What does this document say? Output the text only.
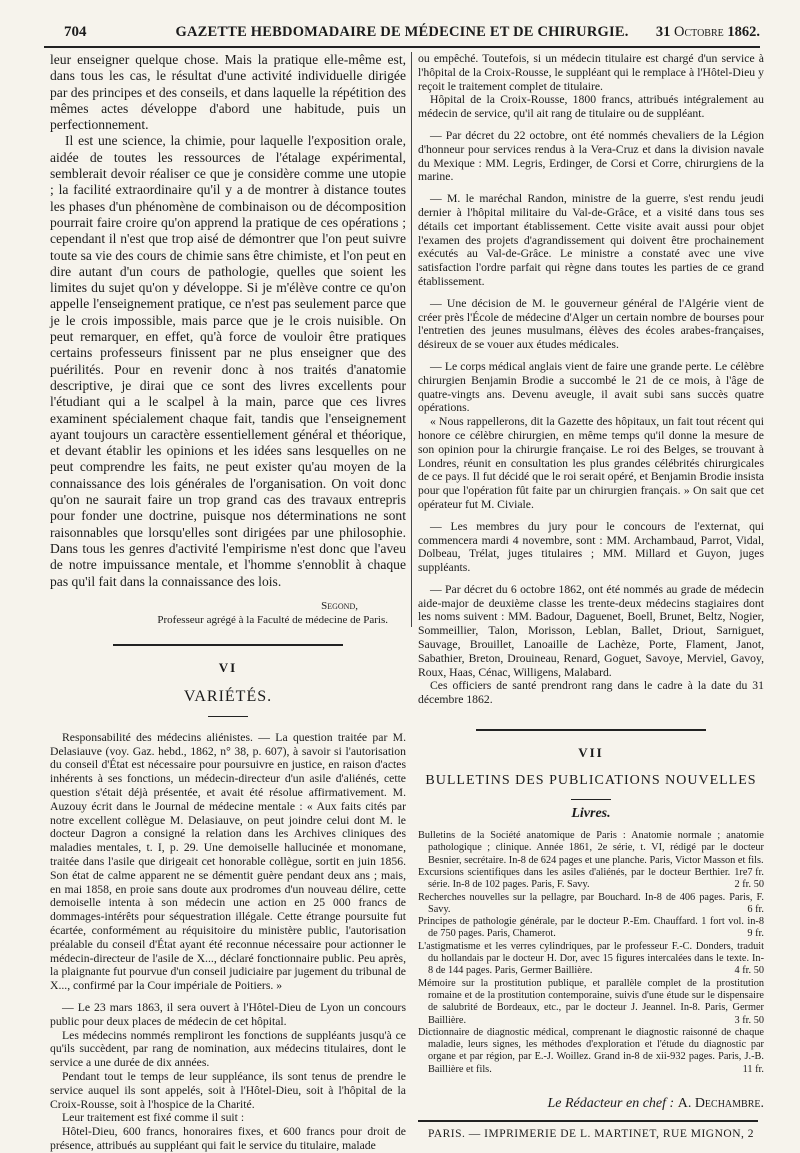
704	GAZETTE HEBDOMADAIRE DE MÉDECINE ET DE CHIRURGIE.	31 Octobre 1862.

leur enseigner quelque chose. Mais la pratique elle-même est, dans tous les cas, le résultat d'une activité individuelle dirigée par des principes et des conseils, et dans laquelle la répétition des mêmes actes développe d'abord une habitude, puis un perfectionnement.

Il est une science, la chimie, pour laquelle l'exposition orale, aidée de toutes les ressources de l'étalage expérimental, semblerait devoir réaliser ce que je considère comme une utopie ; la facilité extraordinaire qu'il y a de montrer à distance toutes les phases d'un phénomène de combinaison ou de décomposition pourrait faire croire qu'on apprend la pratique de ces opérations ; cependant il n'est que trop aisé de démontrer que l'on peut suivre toute sa vie des cours de chimie sans être chimiste, et l'on peut en dire autant d'un cours de pathologie, quelles que soient les limites du sujet qu'on y développe. Si je m'élève contre ce qu'on appelle l'enseignement pratique, ce n'est pas seulement parce que je le crois impossible, mais parce que je le crois nuisible. On peut remarquer, en effet, qu'à force de vouloir être pratiques certains professeurs finissent par ne plus enseigner que des puérilités. Pour en revenir donc à nos traités d'anatomie descriptive, je dirai que ce sont des livres excellents pour l'étudiant qui a le scalpel à la main, parce que ces livres examinent spécialement chaque fait, tandis que l'enseignement ayant toujours un caractère essentiellement général et théorique, et devant établir les opinions et les idées sans lesquelles on ne peut comprendre les faits, ne peut exister qu'au moyen de la connaissance des lois générales de l'organisation. On voit donc qu'on ne saurait faire un trop grand cas des travaux entrepris pour fonder une doctrine, puisque nos déterminations ne sont raisonnables que lorsqu'elles sont dirigées par une philosophie. Dans tous les genres d'activité l'empirisme n'est donc que l'aveu de notre impuissance mentale, et l'homme s'ennoblit à chaque pas qu'il fait dans la connaissance des lois.

Segond,
Professeur agrégé à la Faculté de médecine de Paris.
VI
VARIÉTÉS.

Responsabilité des médecins aliénistes. — La question traitée par M. Delasiauve (voy. Gaz. hebd., 1862, n° 38, p. 607), à savoir si l'autorisation du conseil d'État est nécessaire pour poursuivre en justice, en raison d'actes inhérents à ses fonctions, un médecin-directeur d'un asile d'aliénés, cette question s'était déjà présentée, et avait été résolue affirmativement. M. Auzouy écrit dans le Journal de médecine mentale : « Aux faits cités par notre excellent collègue M. Delasiauve, on peut joindre celui dont M. le docteur Dagron a consigné la relation dans les Archives cliniques des maladies mentales, t. I, p. 29. Une demoiselle hallucinée et monomane, traitée dans l'asile que dirigeait cet honorable collègue, sortit en juin 1856. Son état de calme apparent ne se démentit guère pendant deux ans ; mais, en mai 1858, en proie sans doute aux prodromes d'un nouveau délire, cette demoiselle intenta à son médecin une action en 25 000 francs de dommages-intérêts pour séquestration illégale. Cette étrange poursuite fut écartée, conformément au réquisitoire du ministère public, l'autorisation préalable du conseil d'État ayant été reconnue nécessaire pour actionner le médecin-directeur de l'asile de X..., déclaré fonctionnaire public. Peu après, la plaignante fut pourvue d'un conseil judiciaire par jugement du tribunal de X..., confirmé par la Cour impériale de Poitiers. »

— Le 23 mars 1863, il sera ouvert à l'Hôtel-Dieu de Lyon un concours public pour deux places de médecin de cet hôpital.

Les médecins nommés rempliront les fonctions de suppléants jusqu'à ce qu'ils succèdent, par rang de nomination, aux médecins titulaires, dont le service a une durée de dix années.

Pendant tout le temps de leur suppléance, ils sont tenus de prendre le service auquel ils sont appelés, soit à l'Hôtel-Dieu, soit à l'hôpital de la Croix-Rousse, soit à l'hospice de la Charité.

Leur traitement est fixé comme il suit :

Hôtel-Dieu, 600 francs, honoraires fixes, et 600 francs pour droit de présence, attribués au suppléant qui fait le service du titulaire, malade

ou empêché. Toutefois, si un médecin titulaire est chargé d'un service à l'hôpital de la Croix-Rousse, le suppléant qui le remplace à l'Hôtel-Dieu y reçoit le traitement complet de titulaire.

Hôpital de la Croix-Rousse, 1800 francs, attribués intégralement au médecin de service, qu'il ait rang de titulaire ou de suppléant.

— Par décret du 22 octobre, ont été nommés chevaliers de la Légion d'honneur pour services rendus à la Vera-Cruz et dans la division navale du Mexique : MM. Legris, Erdinger, de Corsi et Corre, chirurgiens de la marine.

— M. le maréchal Randon, ministre de la guerre, s'est rendu jeudi dernier à l'hôpital militaire du Val-de-Grâce, et a visité dans tous ses détails cet important établissement. Cette visite avait aussi pour objet l'examen des projets d'agrandissement qui doivent être prochainement exécutés au Val-de-Grâce. Le ministre a constaté avec une vive satisfaction l'ordre parfait qui règne dans toutes les parties de ce grand établissement.

— Une décision de M. le gouverneur général de l'Algérie vient de créer près l'École de médecine d'Alger un certain nombre de bourses pour l'entretien des jeunes musulmans, élèves des écoles arabes-françaises, désireux de se vouer aux études médicales.

— Le corps médical anglais vient de faire une grande perte. Le célèbre chirurgien Benjamin Brodie a succombé le 21 de ce mois, à l'âge de quatre-vingts ans. Devenu aveugle, il avait subi sans succès quatre opérations.

« Nous rappellerons, dit la Gazette des hôpitaux, un fait tout récent qui honore ce célèbre chirurgien, en même temps qu'il donne la mesure de son opinion pour la chirurgie française. Le roi des Belges, se trouvant à Londres, réunit en consultation les plus grandes célébrités chirurgicales de ce pays. Il fut décidé que le roi serait opéré, et Benjamin Brodie insista pour que l'opération fût faite par un chirurgien français. » On sait que cet opérateur fut M. Civiale.

— Les membres du jury pour le concours de l'externat, qui commencera mardi 4 novembre, sont : MM. Archambaud, Parrot, Vidal, Dolbeau, Trélat, juges titulaires ; MM. Millard et Guyon, juges suppléants.

— Par décret du 6 octobre 1862, ont été nommés au grade de médecin aide-major de deuxième classe les trente-deux médecins stagiaires dont les noms suivent : MM. Badour, Daguenet, Boell, Brunet, Beltz, Nogier, Sommeillier, Talon, Morisson, Leblan, Ballet, Driout, Sarniguet, Sauvage, Brouillet, Lanoaille de Lachèze, Porte, Flament, Janot, Sabathier, Breton, Drouineau, Renard, Goguet, Savoye, Merviel, Gavoy, Roux, Haas, Cénac, Willigens, Malabard.

Ces officiers de santé prendront rang dans le cadre à la date du 31 décembre 1862.

VII
BULLETINS DES PUBLICATIONS NOUVELLES
Livres.

Bulletins de la Société anatomique de Paris : Anatomie normale ; anatomie pathologique ; clinique. Année 1861, 2e série, t. VI, rédigé par le docteur Besnier, secrétaire. In-8 de 624 pages et une planche. Paris, Victor Masson et fils.
7 fr.

Excursions scientifiques dans les asiles d'aliénés, par le docteur Berthier. 1re série. In-8 de 102 pages. Paris, F. Savy.	2 fr. 50

Recherches nouvelles sur la pellagre, par Bouchard. In-8 de 406 pages. Paris, F. Savy.	6 fr.

Principes de pathologie générale, par le docteur P.-Em. Chauffard. 1 fort vol. in-8 de 750 pages. Paris, Chamerot.	9 fr.

L'astigmatisme et les verres cylindriques, par le professeur F.-C. Donders, traduit du hollandais par le docteur H. Dor, avec 15 figures intercalées dans le texte. In-8 de 144 pages. Paris, Germer Baillière.	4 fr. 50

Mémoire sur la prostitution publique, et parallèle complet de la prostitution romaine et de la prostitution contemporaine, suivis d'une étude sur le dispensaire de salubrité de Bordeaux, etc., par le docteur J. Jeannel. In-8. Paris, Germer Baillière.	3 fr. 50

Dictionnaire de diagnostic médical, comprenant le diagnostic raisonné de chaque maladie, leurs signes, les méthodes d'exploration et l'étude du diagnostic par organe et par région, par E.-J. Woillez. Grand in-8 de xii-932 pages. Paris, J.-B. Baillière et fils.	11 fr.

Le Rédacteur en chef : A. Dechambre.
PARIS. — IMPRIMERIE DE L. MARTINET, RUE MIGNON, 2
